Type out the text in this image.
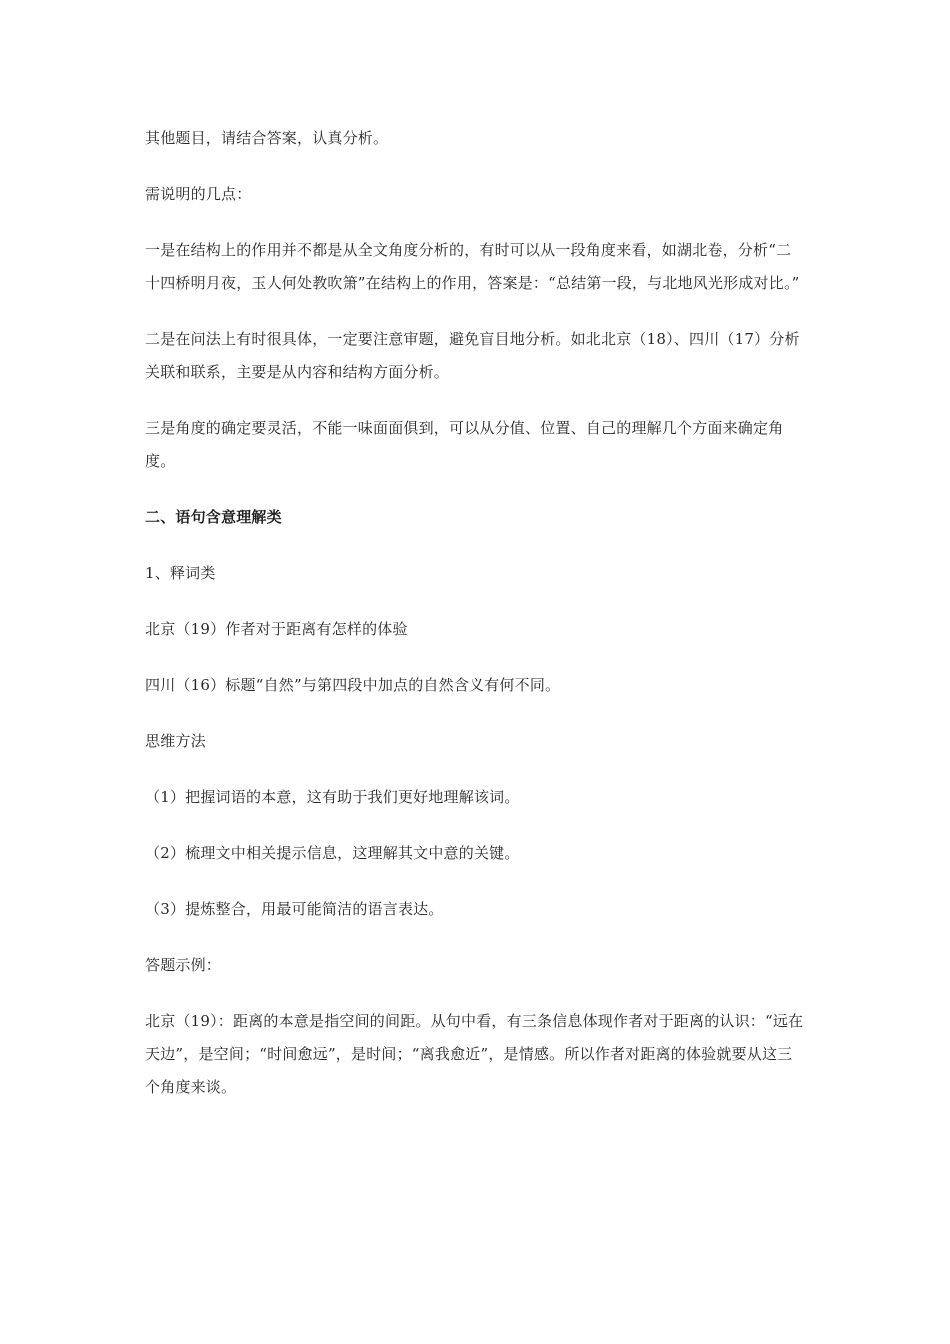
其他题目，请结合答案，认真分析。

需说明的几点：

一是在结构上的作用并不都是从全文角度分析的，有时可以从一段角度来看，如湖北卷，分析“二十四桥明月夜，玉人何处教吹箫”在结构上的作用，答案是：“总结第一段，与北地风光形成对比。”

二是在问法上有时很具体，一定要注意审题，避免盲目地分析。如北北京（18）、四川（17）分析关联和联系，主要是从内容和结构方面分析。

三是角度的确定要灵活，不能一味面面俱到，可以从分值、位置、自己的理解几个方面来确定角度。

二、语句含意理解类

1、释词类

北京（19）作者对于距离有怎样的体验

四川（16）标题“自然”与第四段中加点的自然含义有何不同。

思维方法

（1）把握词语的本意，这有助于我们更好地理解该词。

（2）梳理文中相关提示信息，这理解其文中意的关键。

（3）提炼整合，用最可能简洁的语言表达。

答题示例：

北京（19）：距离的本意是指空间的间距。从句中看，有三条信息体现作者对于距离的认识：“远在天边”，是空间；“时间愈远”，是时间；“离我愈近”，是情感。所以作者对距离的体验就要从这三个角度来谈。
